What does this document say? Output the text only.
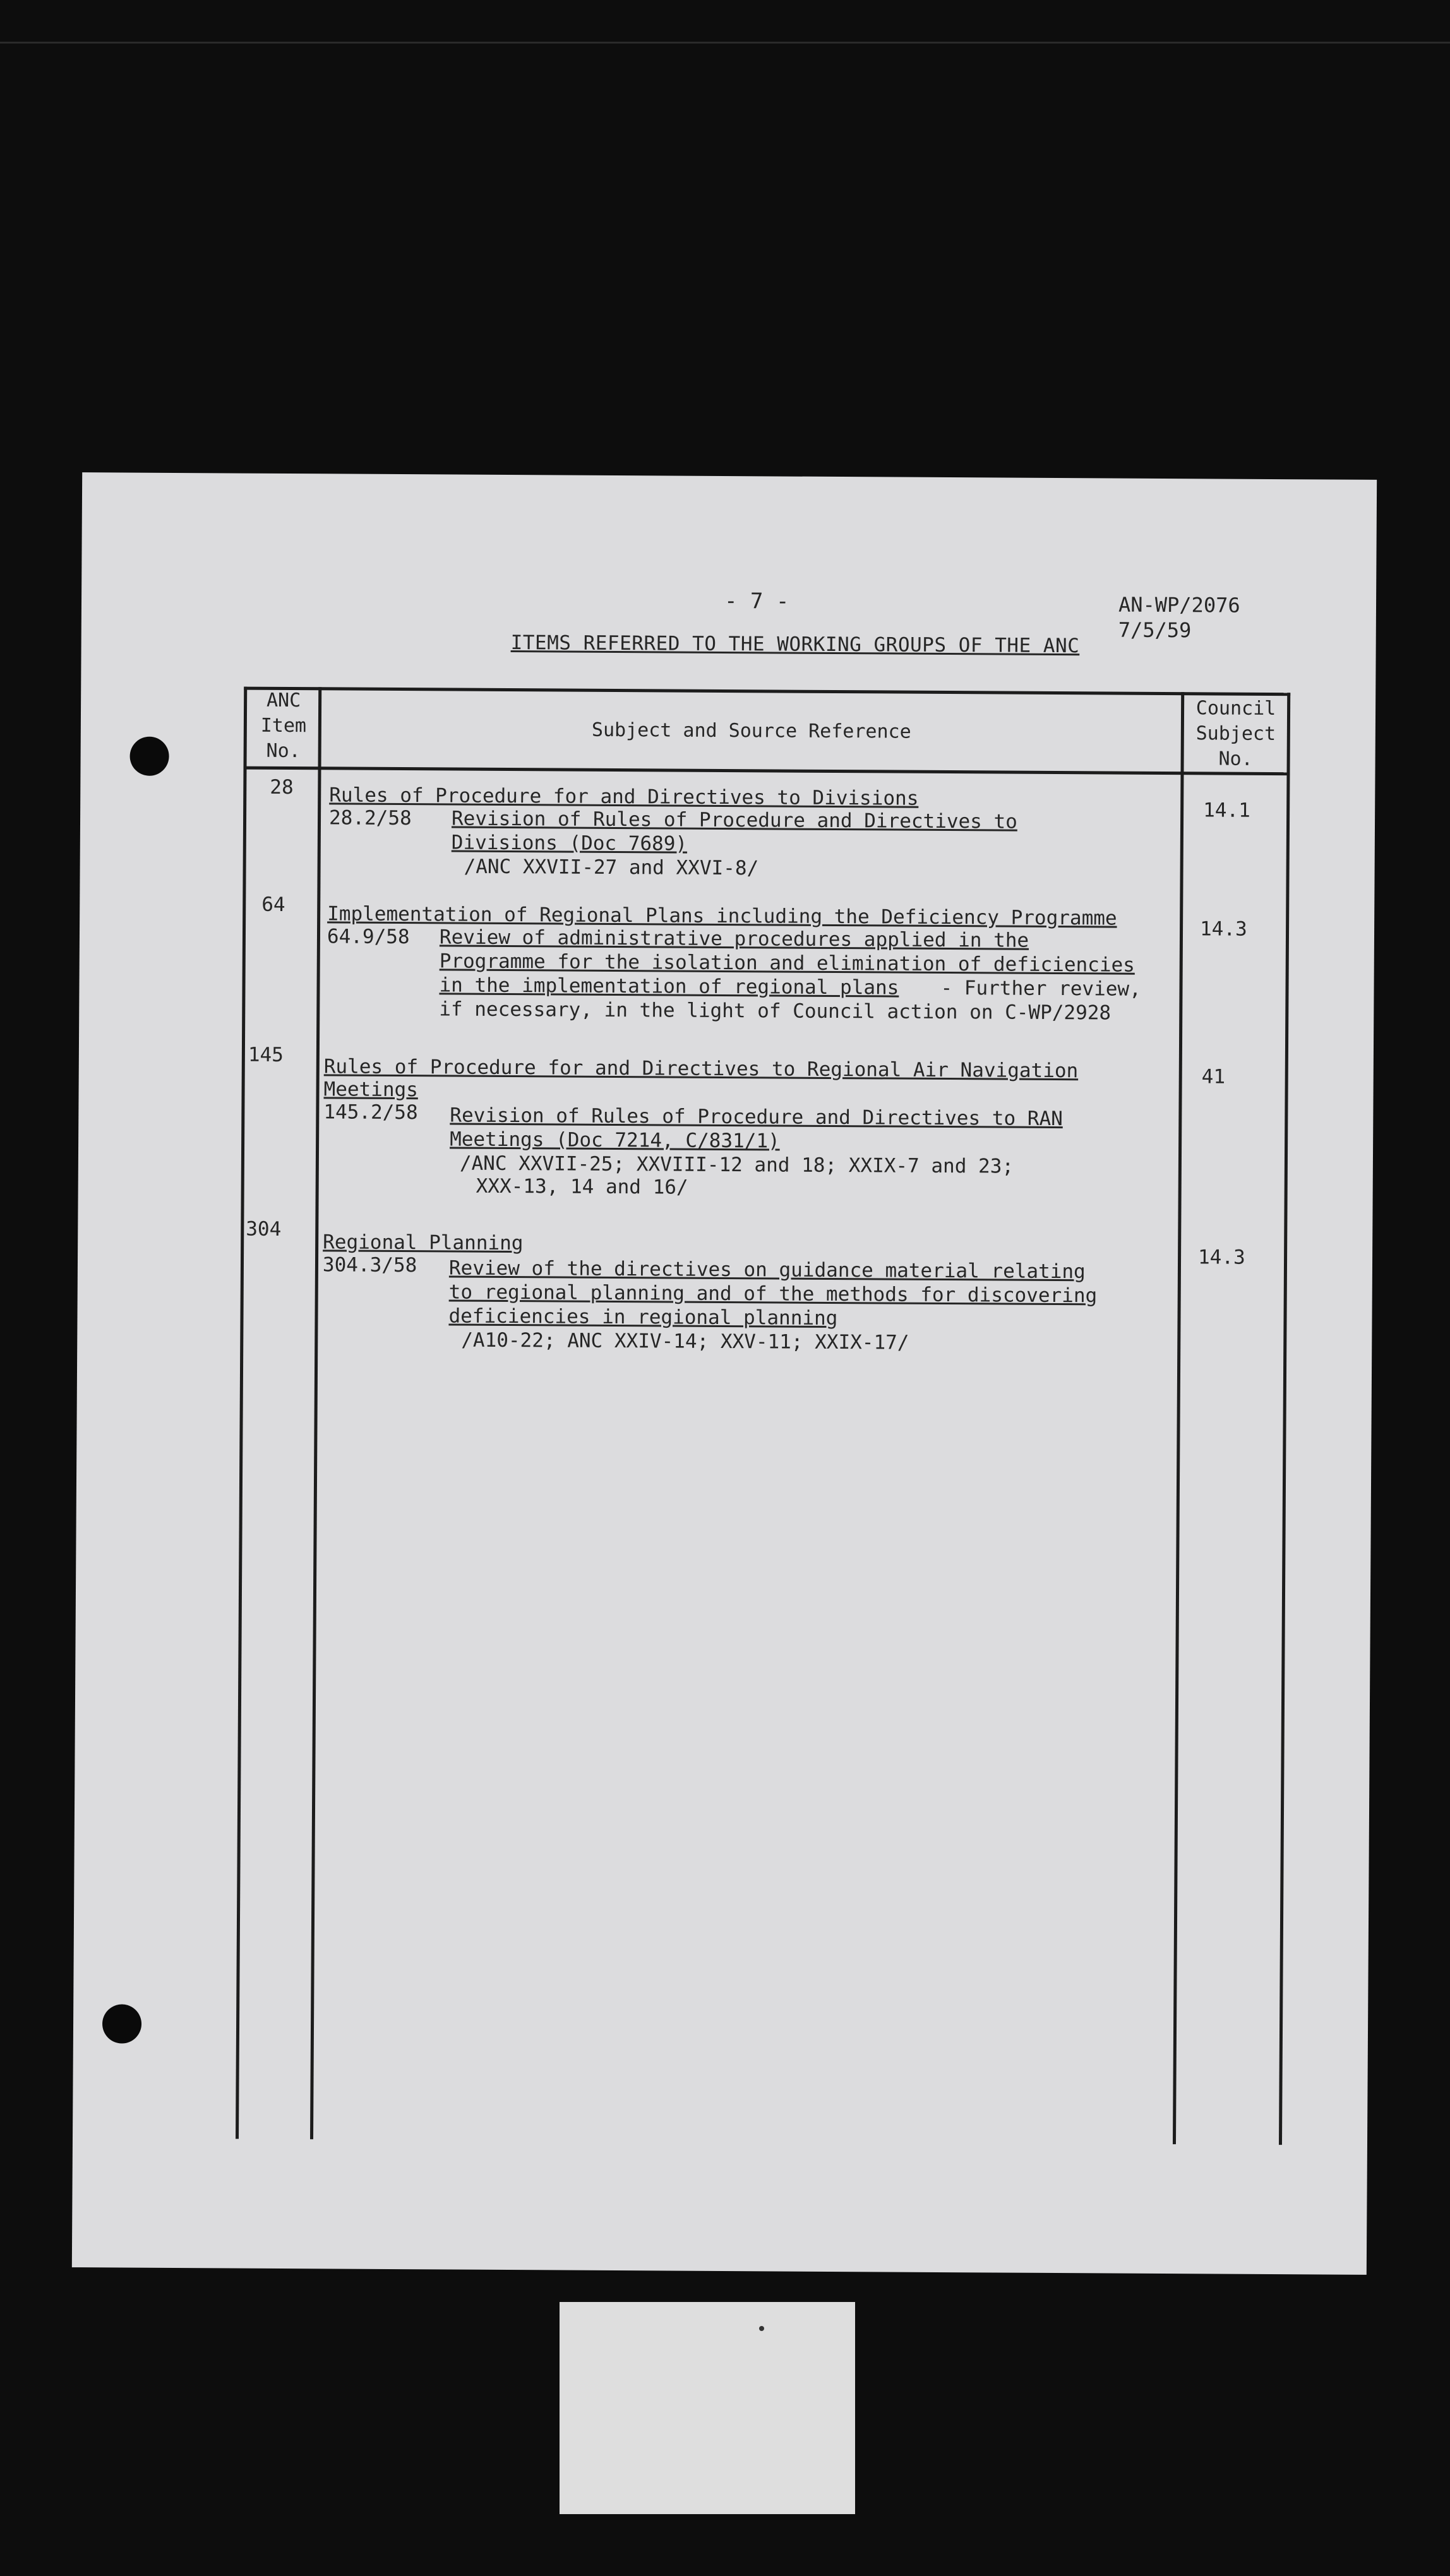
- 7 -	AN-WP/2076
7/5/59
ITEMS REFERRED TO THE WORKING GROUPS OF THE ANC
ANC
Item
No.
Subject and Source Reference
Council
Subject
No.
28 Rules of Procedure for and Directives to Divisions
28.2/58 Revision of Rules of Procedure and Directives to
Divisions (Doc 7689)
/ANC XXVII-27 and XXVI-8/
14.1
64 Implementation of Regional Plans including the Deficiency Programme
64.9/58 Review of administrative procedures applied in the
Programme for the isolation and elimination of deficiencies
in the implementation of regional plans - Further review,
if necessary, in the light of Council action on C-WP/2928
14.3
145
Rules of Procedure for and Directives to Regional Air Navigation
Meetings
145.2/58 Revision of Rules of Procedure and Directives to RAN
Meetings (Doc 7214, C/831/1)
/ANC XXVII-25; XXVIII-12 and 18; XXIX-7 and 23;
XXX-13, 14 and 16/
41
304
Regional Planning
304.3/58 Review of the directives on guidance material relating
to regional planning and of the methods for discovering
deficiencies in regional planning
/A10-22; ANC XXIV-14; XXV-11; XXIX-17/
14.3
